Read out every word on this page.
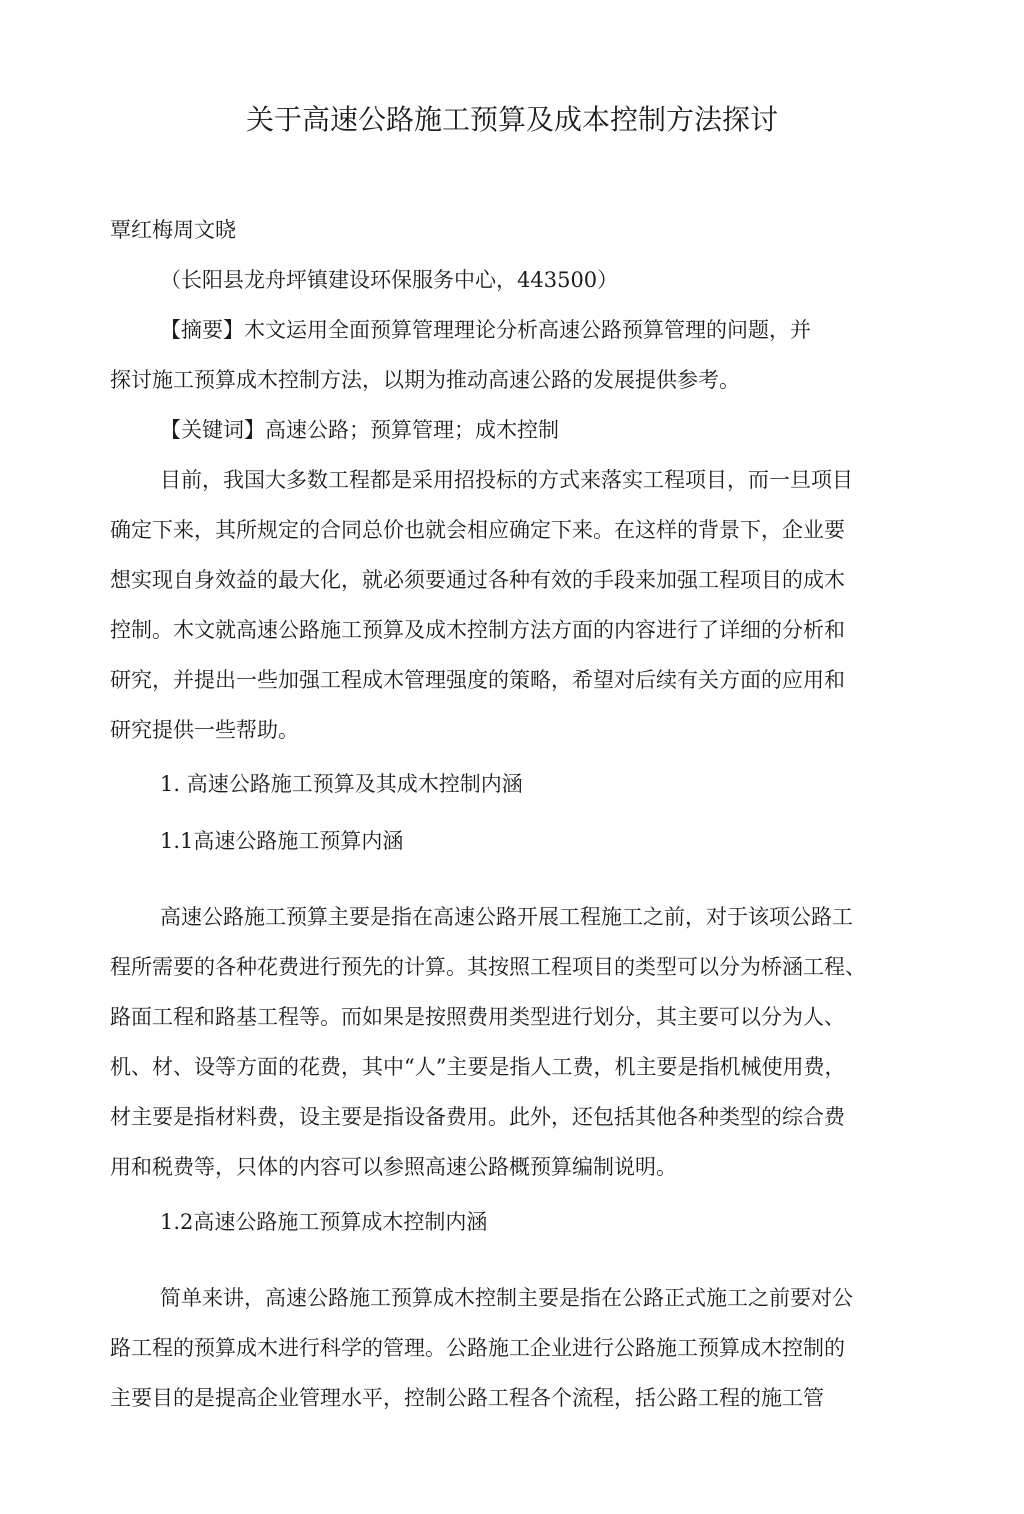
关于高速公路施工预算及成本控制方法探讨

覃红梅周文晓

（长阳县龙舟坪镇建设环保服务中心，443500）

【摘要】木文运用全面预算管理理论分析高速公路预算管理的问题，并

探讨施工预算成木控制方法，以期为推动高速公路的发展提供参考。

【关键词】高速公路；预算管理；成木控制

目前，我国大多数工程都是采用招投标的方式来落实工程项目，而一旦项目

确定下来，其所规定的合同总价也就会相应确定下来。在这样的背景下，企业要

想实现自身效益的最大化，就必须要通过各种有效的手段来加强工程项目的成木

控制。木文就高速公路施工预算及成木控制方法方面的内容进行了详细的分析和

研究，并提出一些加强工程成木管理强度的策略，希望对后续有关方面的应用和

研究提供一些帮助。

1. 高速公路施工预算及其成木控制内涵

1.1高速公路施工预算内涵

高速公路施工预算主要是指在高速公路开展工程施工之前，对于该项公路工

程所需要的各种花费进行预先的计算。其按照工程项目的类型可以分为桥涵工程、

路面工程和路基工程等。而如果是按照费用类型进行划分，其主要可以分为人、

机、材、设等方面的花费，其中“人”主要是指人工费，机主要是指机械使用费，

材主要是指材料费，设主要是指设备费用。此外，还包括其他各种类型的综合费

用和税费等，只体的内容可以参照高速公路概预算编制说明。

1.2高速公路施工预算成木控制内涵

简单来讲，高速公路施工预算成木控制主要是指在公路正式施工之前要对公

路工程的预算成木进行科学的管理。公路施工企业进行公路施工预算成木控制的

主要目的是提高企业管理水平，控制公路工程各个流程，括公路工程的施工管
